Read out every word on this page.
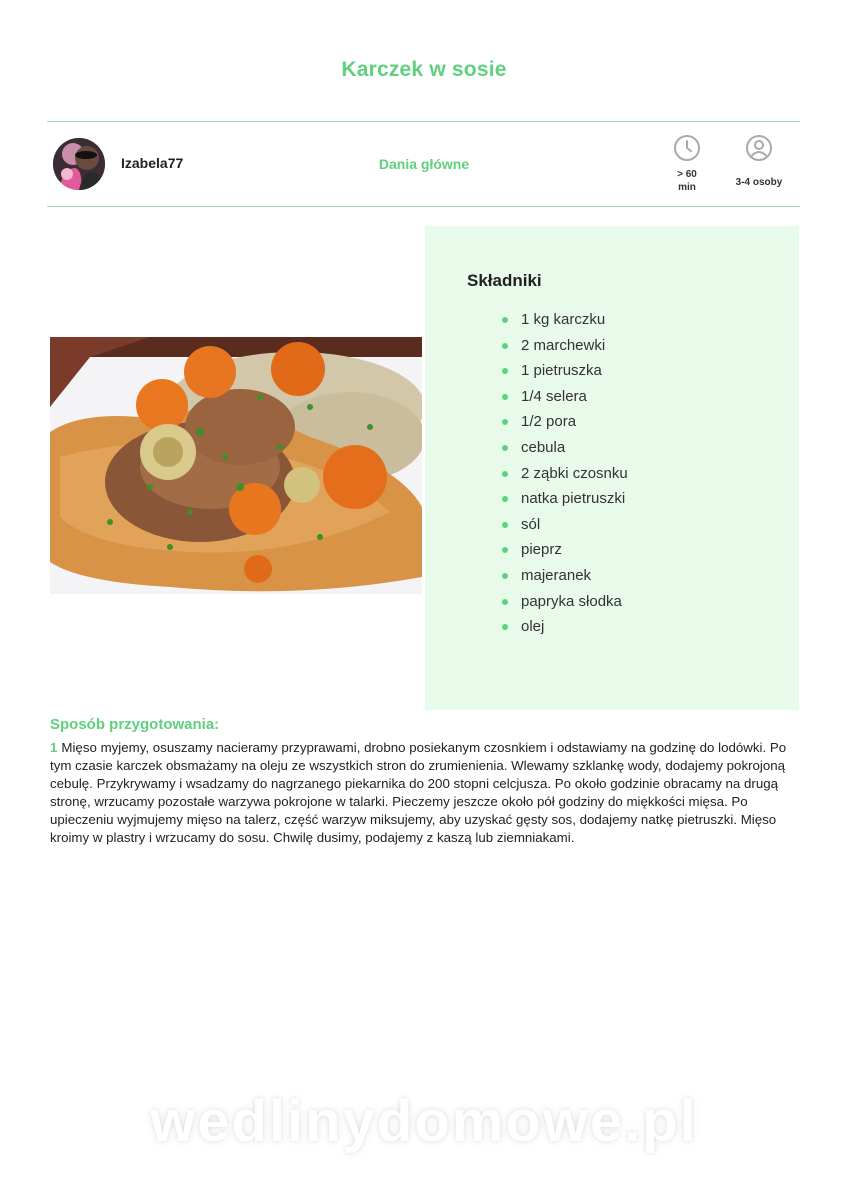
Karczek w sosie
Izabela77	Dania główne
> 60
min	3-4 osoby
Składniki
1 kg karczku
2 marchewki
1 pietruszka
1/4 selera
1/2 pora
cebula
2 ząbki czosnku
natka pietruszki
sól
pieprz
majeranek
papryka słodka
olej
Sposób przygotowania:

1 Mięso myjemy, osuszamy nacieramy przyprawami, drobno posiekanym czosnkiem i odstawiamy na godzinę do lodówki. Po tym czasie karczek obsmażamy na oleju ze wszystkich stron do zrumienienia. Wlewamy szklankę wody, dodajemy pokrojoną cebulę. Przykrywamy i wsadzamy do nagrzanego piekarnika do 200 stopni celcjusza. Po około godzinie obracamy na drugą stronę, wrzucamy pozostałe warzywa pokrojone w talarki. Pieczemy jeszcze około pół godziny do miękkości mięsa. Po upieczeniu wyjmujemy mięso na talerz, część warzyw miksujemy, aby uzyskać gęsty sos, dodajemy natkę pietruszki. Mięso kroimy w plastry i wrzucamy do sosu. Chwilę dusimy, podajemy z kaszą lub ziemniakami.

wedlinydomowe.pl
